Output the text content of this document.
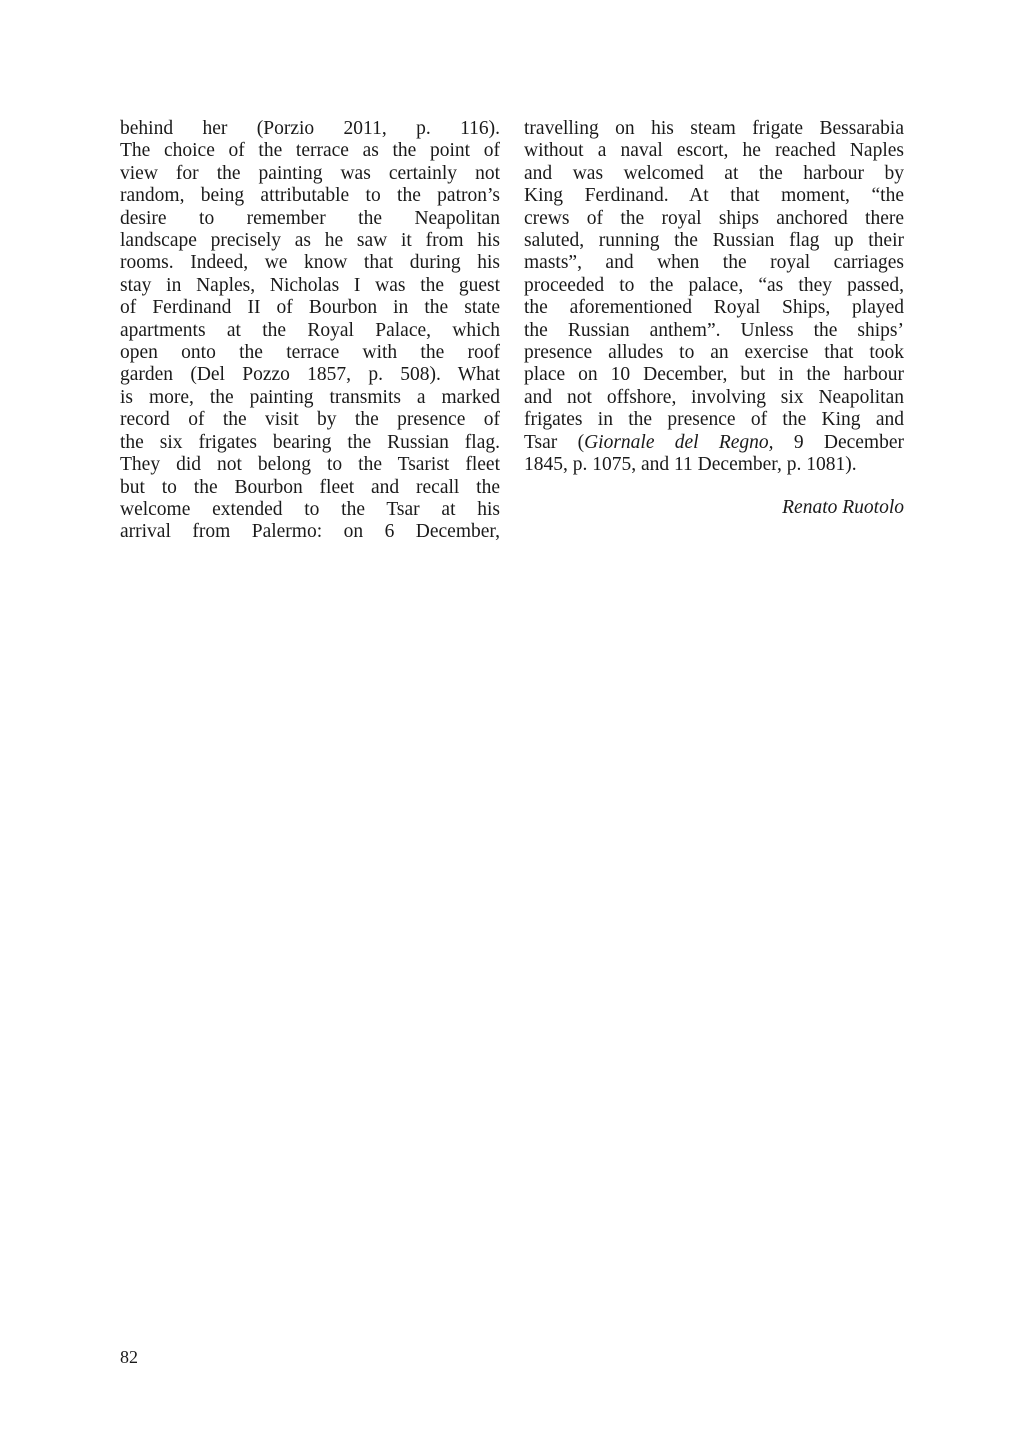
behind her (Porzio 2011, p. 116).
The choice of the terrace as the point of
view for the painting was certainly not
random, being attributable to the patron’s
desire to remember the Neapolitan
landscape precisely as he saw it from his
rooms. Indeed, we know that during his
stay in Naples, Nicholas I was the guest
of Ferdinand II of Bourbon in the state
apartments at the Royal Palace, which
open onto the terrace with the roof
garden (Del Pozzo 1857, p. 508). What
is more, the painting transmits a marked
record of the visit by the presence of
the six frigates bearing the Russian flag.
They did not belong to the Tsarist fleet
but to the Bourbon fleet and recall the
welcome extended to the Tsar at his
arrival from Palermo: on 6 December,
travelling on his steam frigate Bessarabia
without a naval escort, he reached Naples
and was welcomed at the harbour by
King Ferdinand. At that moment, “the
crews of the royal ships anchored there
saluted, running the Russian flag up their
masts”, and when the royal carriages
proceeded to the palace, “as they passed,
the aforementioned Royal Ships, played
the Russian anthem”. Unless the ships’
presence alludes to an exercise that took
place on 10 December, but in the harbour
and not offshore, involving six Neapolitan
frigates in the presence of the King and
Tsar (Giornale del Regno, 9 December
1845, p. 1075, and 11 December, p. 1081).
Renato Ruotolo
82
